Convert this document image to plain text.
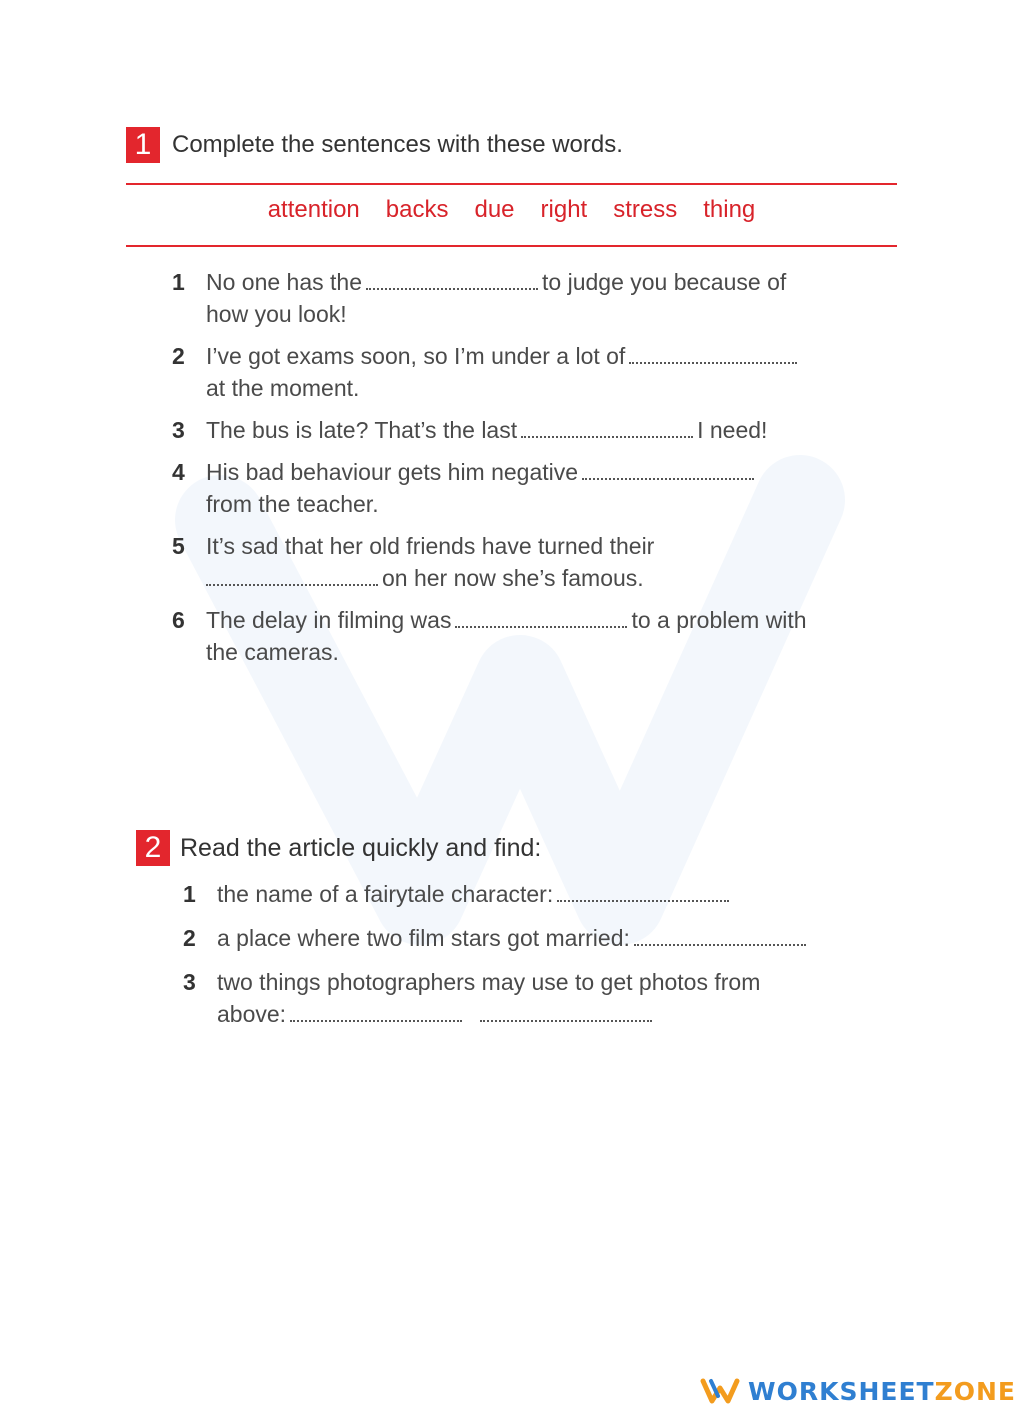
1 Complete the sentences with these words.
attention backs due right stress thing
1 No one has the	to judge you because of
how you look!
2 I’ve got exams soon, so I’m under a lot of
at the moment.
3 The bus is late? That’s the last	I need!
4 His bad behaviour gets him negative
from the teacher.
5 It’s sad that her old friends have turned their
on her now she’s famous.
6 The delay in filming was	to a problem with
the cameras.
2 Read the article quickly and find:
1 the name of a fairytale character:
2 a place where two film stars got married:
3 two things photographers may use to get photos from
above:
WORKSHEETZONE
